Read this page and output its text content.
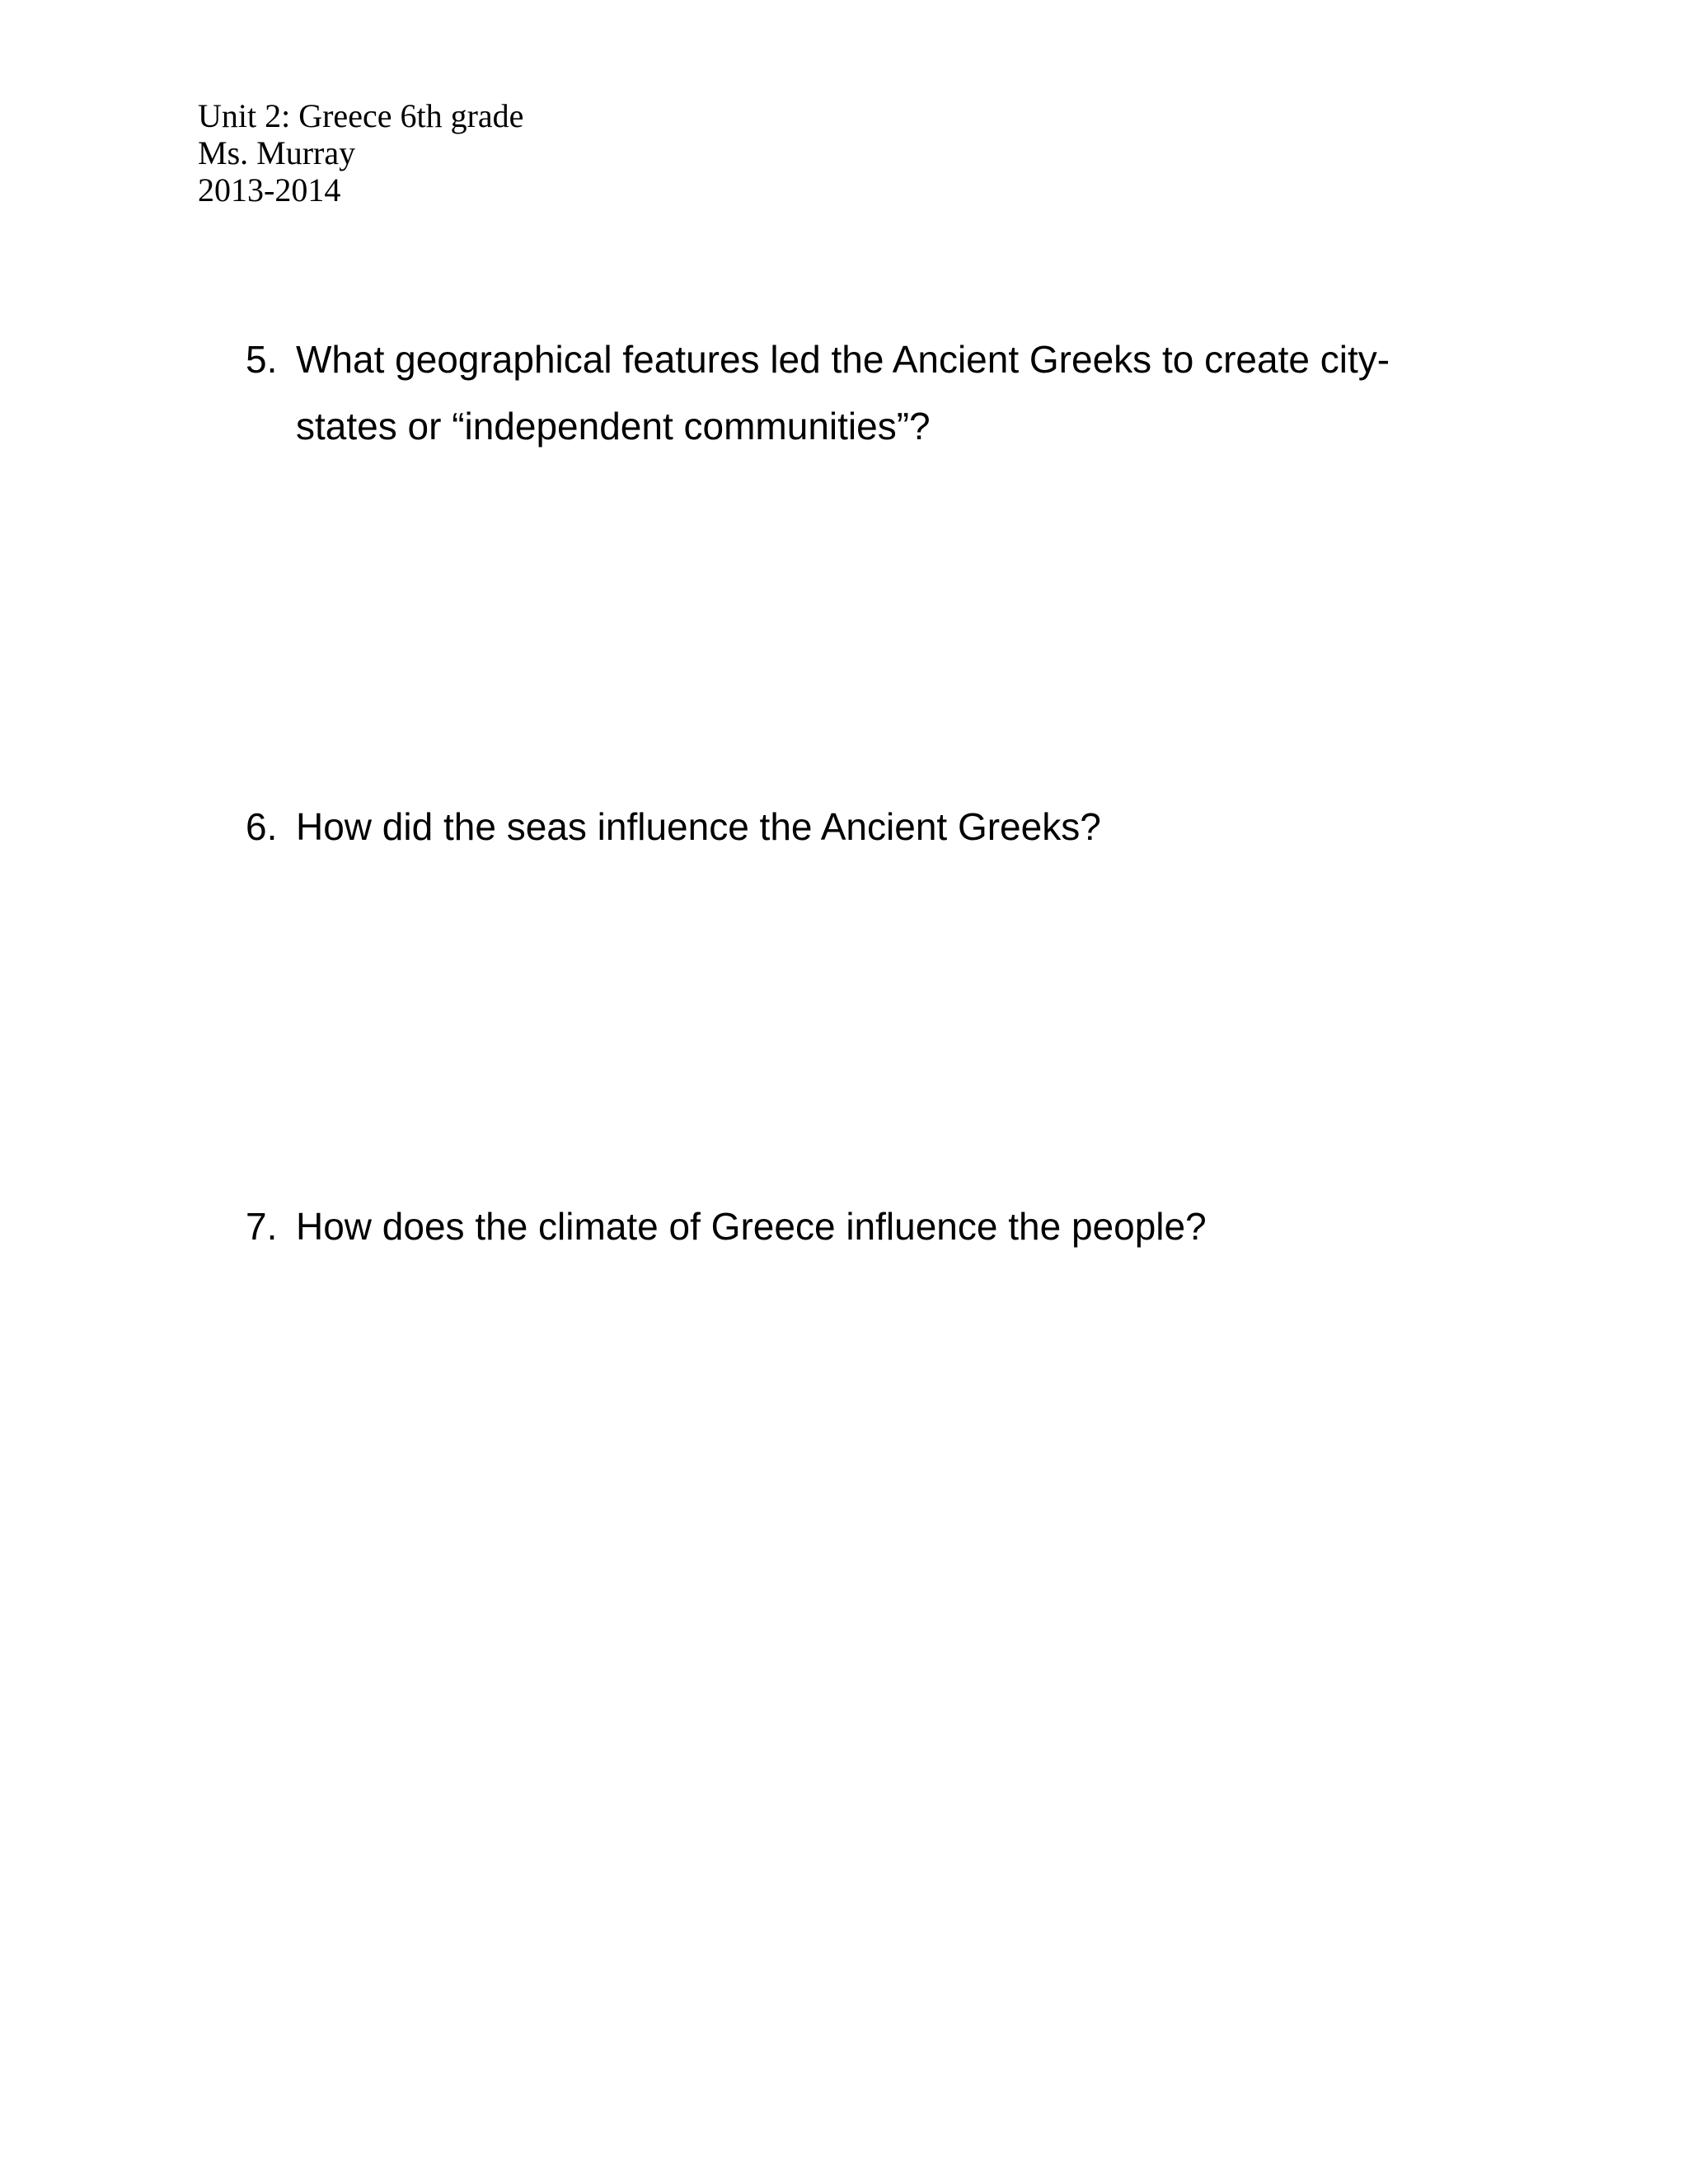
Unit 2: Greece 6th grade
Ms. Murray
2013-2014
5. What geographical features led the Ancient Greeks to create city-
states or “independent communities”?
6. How did the seas influence the Ancient Greeks?
7. How does the climate of Greece influence the people?
